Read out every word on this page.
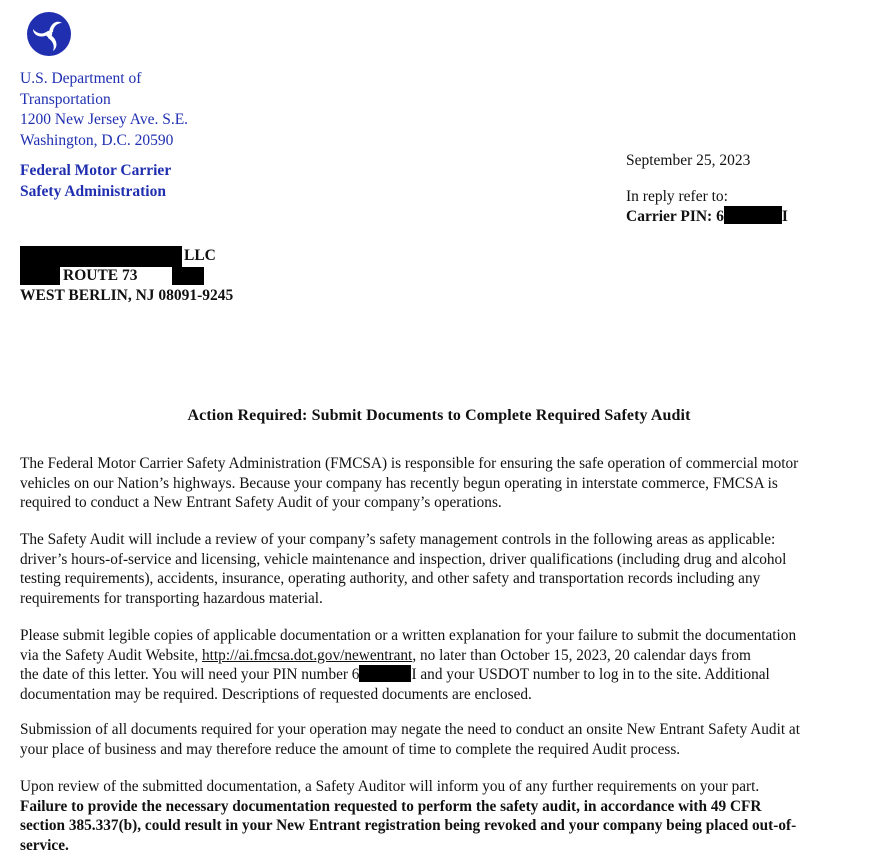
U.S. Department of
Transportation
1200 New Jersey Ave. S.E.
Washington, D.C. 20590
Federal Motor Carrier
Safety Administration
September 25, 2023
In reply refer to:
Carrier PIN: 6	I
LLC
ROUTE 73
WEST BERLIN, NJ 08091-9245
Action Required: Submit Documents to Complete Required Safety Audit
The Federal Motor Carrier Safety Administration (FMCSA) is responsible for ensuring the safe operation of commercial motor
vehicles on our Nation’s highways. Because your company has recently begun operating in interstate commerce, FMCSA is
required to conduct a New Entrant Safety Audit of your company’s operations.
The Safety Audit will include a review of your company’s safety management controls in the following areas as applicable:
driver’s hours-of-service and licensing, vehicle maintenance and inspection, driver qualifications (including drug and alcohol
testing requirements), accidents, insurance, operating authority, and other safety and transportation records including any
requirements for transporting hazardous material.
Please submit legible copies of applicable documentation or a written explanation for your failure to submit the documentation
via the Safety Audit Website, http://ai.fmcsa.dot.gov/newentrant, no later than October 15, 2023, 20 calendar days from
the date of this letter. You will need your PIN number 6	I and your USDOT number to log in to the site. Additional
documentation may be required. Descriptions of requested documents are enclosed.
Submission of all documents required for your operation may negate the need to conduct an onsite New Entrant Safety Audit at
your place of business and may therefore reduce the amount of time to complete the required Audit process.
Upon review of the submitted documentation, a Safety Auditor will inform you of any further requirements on your part.
Failure to provide the necessary documentation requested to perform the safety audit, in accordance with 49 CFR
section 385.337(b), could result in your New Entrant registration being revoked and your company being placed out-of-
service.
